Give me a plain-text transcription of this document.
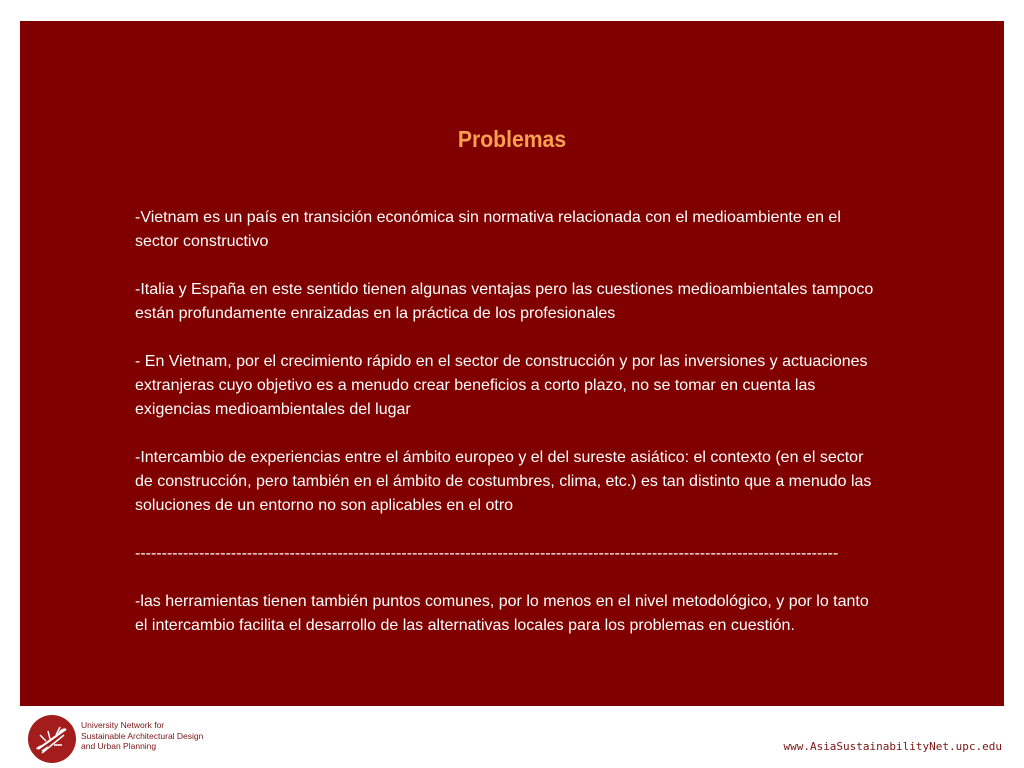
Problemas

-Vietnam es un país en transición económica sin normativa relacionada con el medioambiente en el sector constructivo

-Italia y España en este sentido tienen algunas ventajas pero las cuestiones medioambientales tampoco están profundamente enraizadas en la práctica de los profesionales

- En Vietnam, por el crecimiento rápido en el sector de construcción y por las inversiones y actuaciones extranjeras cuyo objetivo es a menudo crear beneficios a corto plazo, no se tomar en cuenta las exigencias medioambientales del lugar

-Intercambio de experiencias entre el ámbito europeo y el del sureste asiático: el contexto (en el sector de construcción, pero también en el ámbito de costumbres, clima, etc.) es tan distinto que a menudo las soluciones de un entorno no son aplicables en el otro

------------------------------------------------------------------------------------------------------------------------------------

-las herramientas tienen también puntos comunes, por lo menos en el nivel metodológico, y por lo tanto el intercambio facilita el desarrollo de las alternativas locales para los problemas en cuestión.

University Network for
Sustainable Architectural Design
and Urban Planning	www.AsiaSustainabilityNet.upc.edu
